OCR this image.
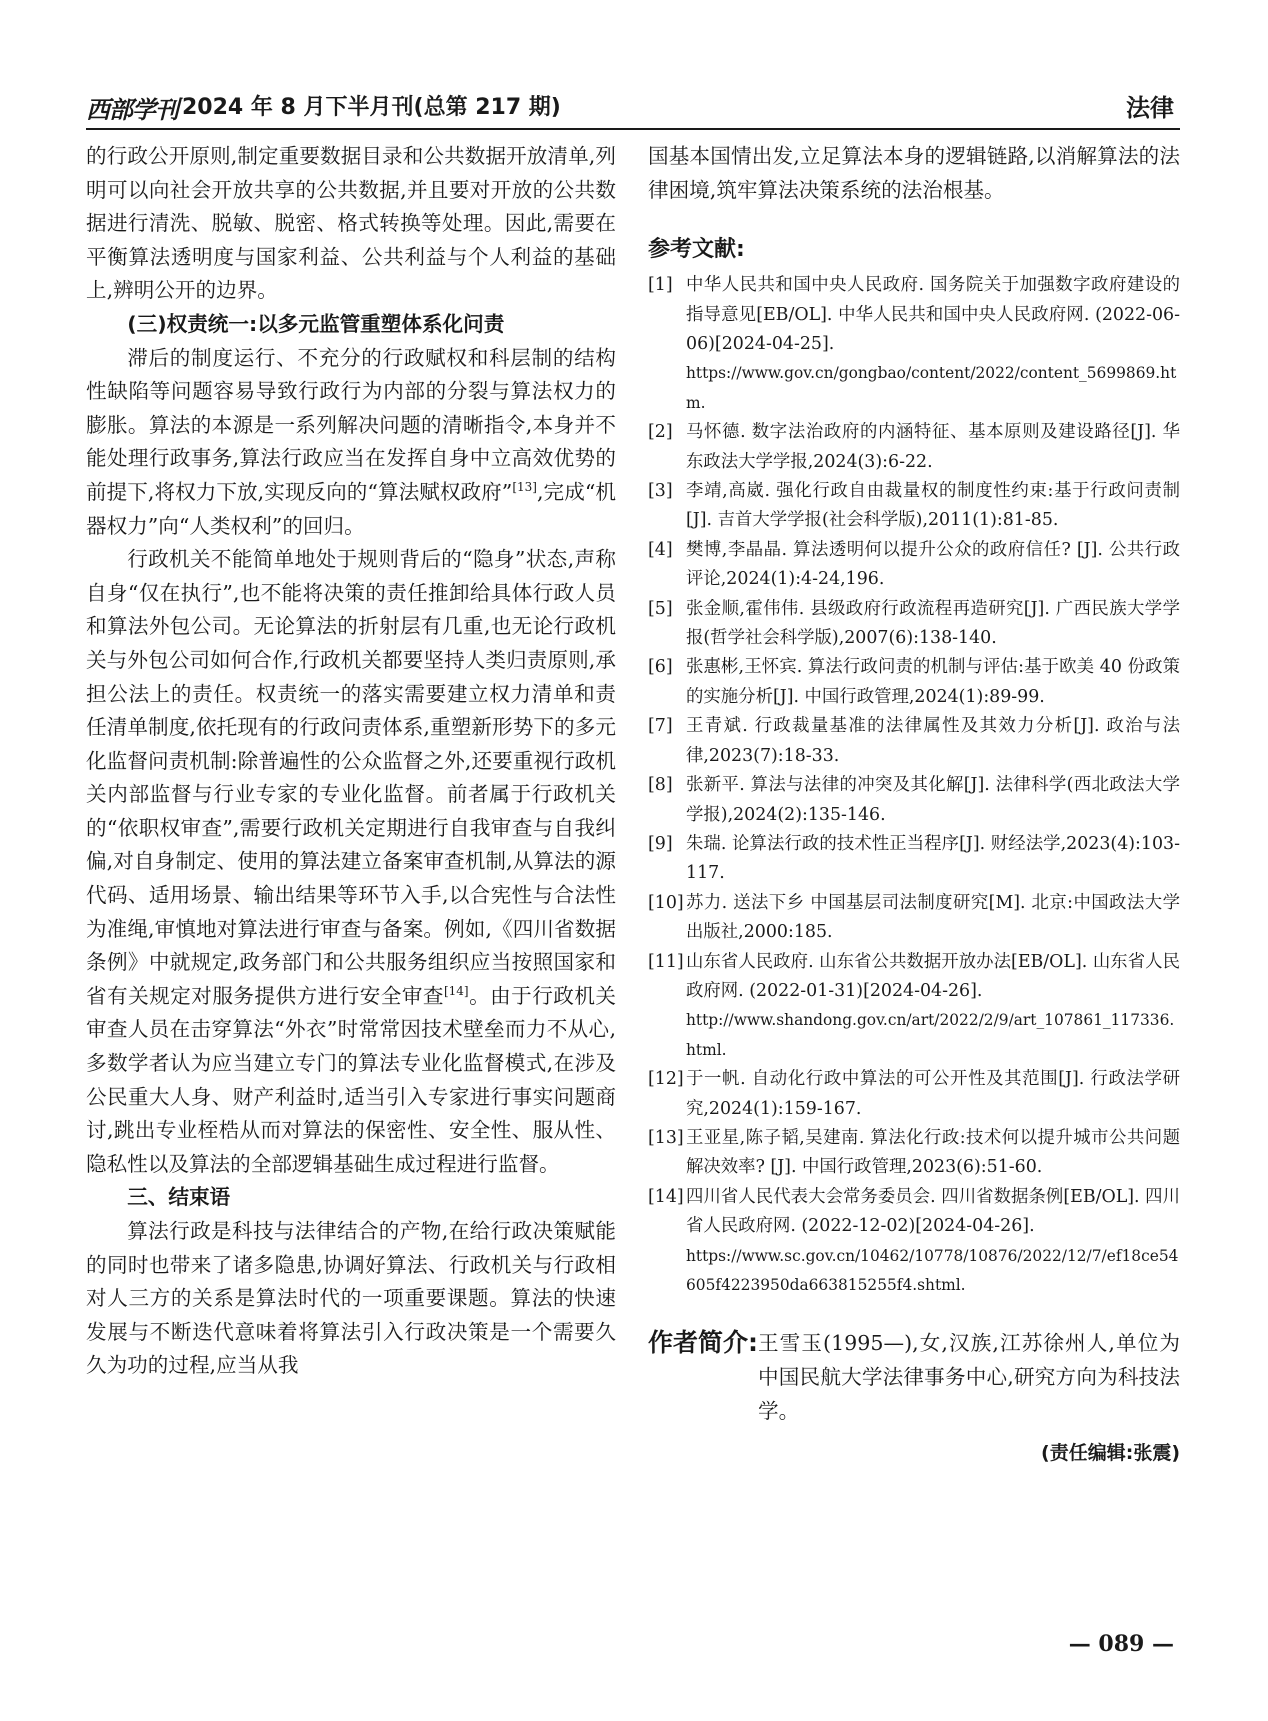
西部学刊 2024 年 8 月下半月刊(总第 217 期)	法律

的行政公开原则,制定重要数据目录和公共数据开放清单,列明可以向社会开放共享的公共数据,并且要对开放的公共数据进行清洗、脱敏、脱密、格式转换等处理。因此,需要在平衡算法透明度与国家利益、公共利益与个人利益的基础上,辨明公开的边界。

(三)权责统一:以多元监管重塑体系化问责

滞后的制度运行、不充分的行政赋权和科层制的结构性缺陷等问题容易导致行政行为内部的分裂与算法权力的膨胀。算法的本源是一系列解决问题的清晰指令,本身并不能处理行政事务,算法行政应当在发挥自身中立高效优势的前提下,将权力下放,实现反向的“算法赋权政府”[13],完成“机器权力”向“人类权利”的回归。

行政机关不能简单地处于规则背后的“隐身”状态,声称自身“仅在执行”,也不能将决策的责任推卸给具体行政人员和算法外包公司。无论算法的折射层有几重,也无论行政机关与外包公司如何合作,行政机关都要坚持人类归责原则,承担公法上的责任。权责统一的落实需要建立权力清单和责任清单制度,依托现有的行政问责体系,重塑新形势下的多元化监督问责机制:除普遍性的公众监督之外,还要重视行政机关内部监督与行业专家的专业化监督。前者属于行政机关的“依职权审查”,需要行政机关定期进行自我审查与自我纠偏,对自身制定、使用的算法建立备案审查机制,从算法的源代码、适用场景、输出结果等环节入手,以合宪性与合法性为准绳,审慎地对算法进行审查与备案。例如,《四川省数据条例》中就规定,政务部门和公共服务组织应当按照国家和省有关规定对服务提供方进行安全审查[14]。由于行政机关审查人员在击穿算法“外衣”时常常因技术壁垒而力不从心,多数学者认为应当建立专门的算法专业化监督模式,在涉及公民重大人身、财产利益时,适当引入专家进行事实问题商讨,跳出专业桎梏从而对算法的保密性、安全性、服从性、隐私性以及算法的全部逻辑基础生成过程进行监督。

三、结束语

算法行政是科技与法律结合的产物,在给行政决策赋能的同时也带来了诸多隐患,协调好算法、行政机关与行政相对人三方的关系是算法时代的一项重要课题。算法的快速发展与不断迭代意味着将算法引入行政决策是一个需要久久为功的过程,应当从我

国基本国情出发,立足算法本身的逻辑链路,以消解算法的法律困境,筑牢算法决策系统的法治根基。

参考文献:
[1] 中华人民共和国中央人民政府. 国务院关于加强数字政府建设的指导意见[EB/OL]. 中华人民共和国中央人民政府网. (2022-06-06)[2024-04-25].
https://www.gov.cn/gongbao/content/2022/content_5699869.htm.
[2] 马怀德. 数字法治政府的内涵特征、基本原则及建设路径[J]. 华东政法大学学报,2024(3):6-22.
[3] 李靖,高崴. 强化行政自由裁量权的制度性约束:基于行政问责制[J]. 吉首大学学报(社会科学版),2011(1):81-85.
[4] 樊博,李晶晶. 算法透明何以提升公众的政府信任? [J]. 公共行政评论,2024(1):4-24,196.
[5] 张金顺,霍伟伟. 县级政府行政流程再造研究[J]. 广西民族大学学报(哲学社会科学版),2007(6):138-140.
[6] 张惠彬,王怀宾. 算法行政问责的机制与评估:基于欧美 40 份政策的实施分析[J]. 中国行政管理,2024(1):89-99.
[7] 王青斌. 行政裁量基准的法律属性及其效力分析[J]. 政治与法律,2023(7):18-33.
[8] 张新平. 算法与法律的冲突及其化解[J]. 法律科学(西北政法大学学报),2024(2):135-146.
[9] 朱瑞. 论算法行政的技术性正当程序[J]. 财经法学,2023(4):103-117.
[10] 苏力. 送法下乡 中国基层司法制度研究[M]. 北京:中国政法大学出版社,2000:185.
[11] 山东省人民政府. 山东省公共数据开放办法[EB/OL]. 山东省人民政府网. (2022-01-31)[2024-04-26].
http://www.shandong.gov.cn/art/2022/2/9/art_107861_117336.html.
[12] 于一帆. 自动化行政中算法的可公开性及其范围[J]. 行政法学研究,2024(1):159-167.
[13] 王亚星,陈子韬,吴建南. 算法化行政:技术何以提升城市公共问题解决效率? [J]. 中国行政管理,2023(6):51-60.
[14] 四川省人民代表大会常务委员会. 四川省数据条例[EB/OL]. 四川省人民政府网. (2022-12-02)[2024-04-26].
https://www.sc.gov.cn/10462/10778/10876/2022/12/7/ef18ce54605f4223950da663815255f4.shtml.
作者简介: 王雪玉(1995—),女,汉族,江苏徐州人,单位为中国民航大学法律事务中心,研究方向为科技法学。
(责任编辑:张震)
— 089 —
